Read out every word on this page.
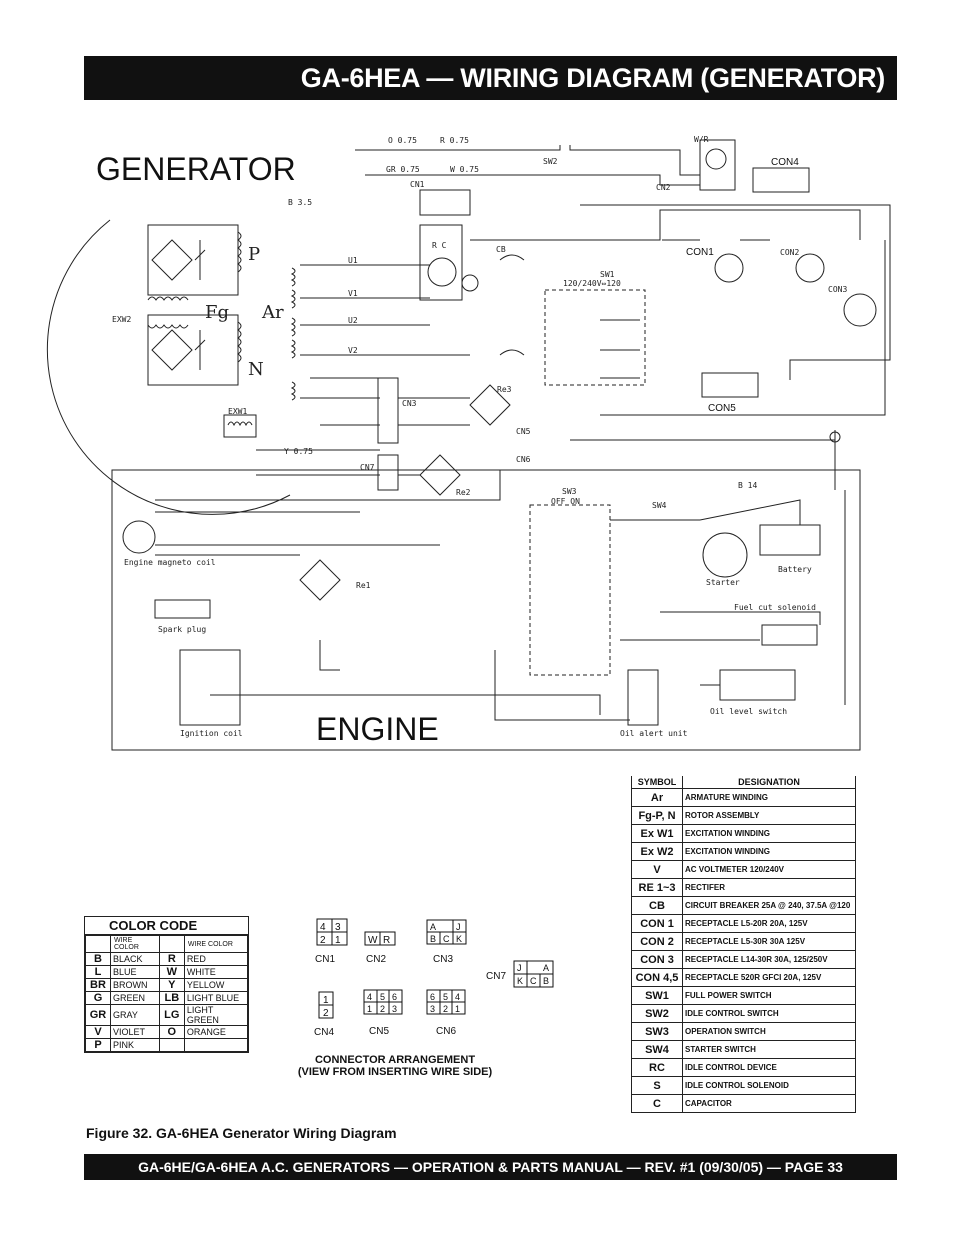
GA-6HEA — WIRING DIAGRAM (GENERATOR)
GENERATOR
ENGINE
P
N
Fg Ar
EXW2
EXW1
CON1	CON2
CON3
CON4
CON5
CN1	CN2
CN3
CN7
CN5
CN6
SW1
120/240V⇔120
SW2
SW3
OFF ON	SW4
CB
R C
Re1
Re2
Re3
Engine magneto coil
Spark plug
Ignition coil
Starter
Battery
Fuel cut solenoid
Oil level switch
Oil alert unit
W/R
O 0.75	R 0.75
GR 0.75	W 0.75
B 3.5
B 14
Y 0.75
U1
V1
U2
V2
SYMBOL	DESIGNATION
Ar	ARMATURE WINDING
Fg-P, N	ROTOR ASSEMBLY
Ex W1	EXCITATION WINDING
Ex W2	EXCITATION WINDING
V	AC VOLTMETER 120/240V
RE 1~3	RECTIFER
CB	CIRCUIT BREAKER 25A @ 240, 37.5A @120
CON 1	RECEPTACLE L5-20R 20A, 125V
CON 2	RECEPTACLE L5-30R 30A 125V
CON 3	RECEPTACLE L14-30R 30A, 125/250V
CON 4,5	RECEPTACLE 520R GFCI 20A, 125V
SW1	FULL POWER SWITCH
SW2	IDLE CONTROL SWITCH
SW3	OPERATION SWITCH
SW4	STARTER SWITCH
RC	IDLE CONTROL DEVICE
S	IDLE CONTROL SOLENOID
C	CAPACITOR
COLOR CODE
	WIRE COLOR		WIRE COLOR
B	BLACK	R	RED
L	BLUE	W	WHITE
BR	BROWN	Y	YELLOW
G	GREEN	LB	LIGHT BLUE
GR	GRAY	LG	LIGHT GREEN
V	VIOLET	O	ORANGE
P	PINK		
4 3
2 1
CN1
W R
CN2
A J
B C K
CN3
1
2
CN4
4 5 6
1 2 3
CN5
6 5 4
3 2 1
CN6
CN7
J A
K C B
CONNECTOR ARRANGEMENT
(VIEW FROM INSERTING WIRE SIDE)
Figure 32. GA-6HEA Generator Wiring Diagram
GA-6HE/GA-6HEA A.C. GENERATORS — OPERATION & PARTS MANUAL — REV. #1 (09/30/05) — PAGE 33
